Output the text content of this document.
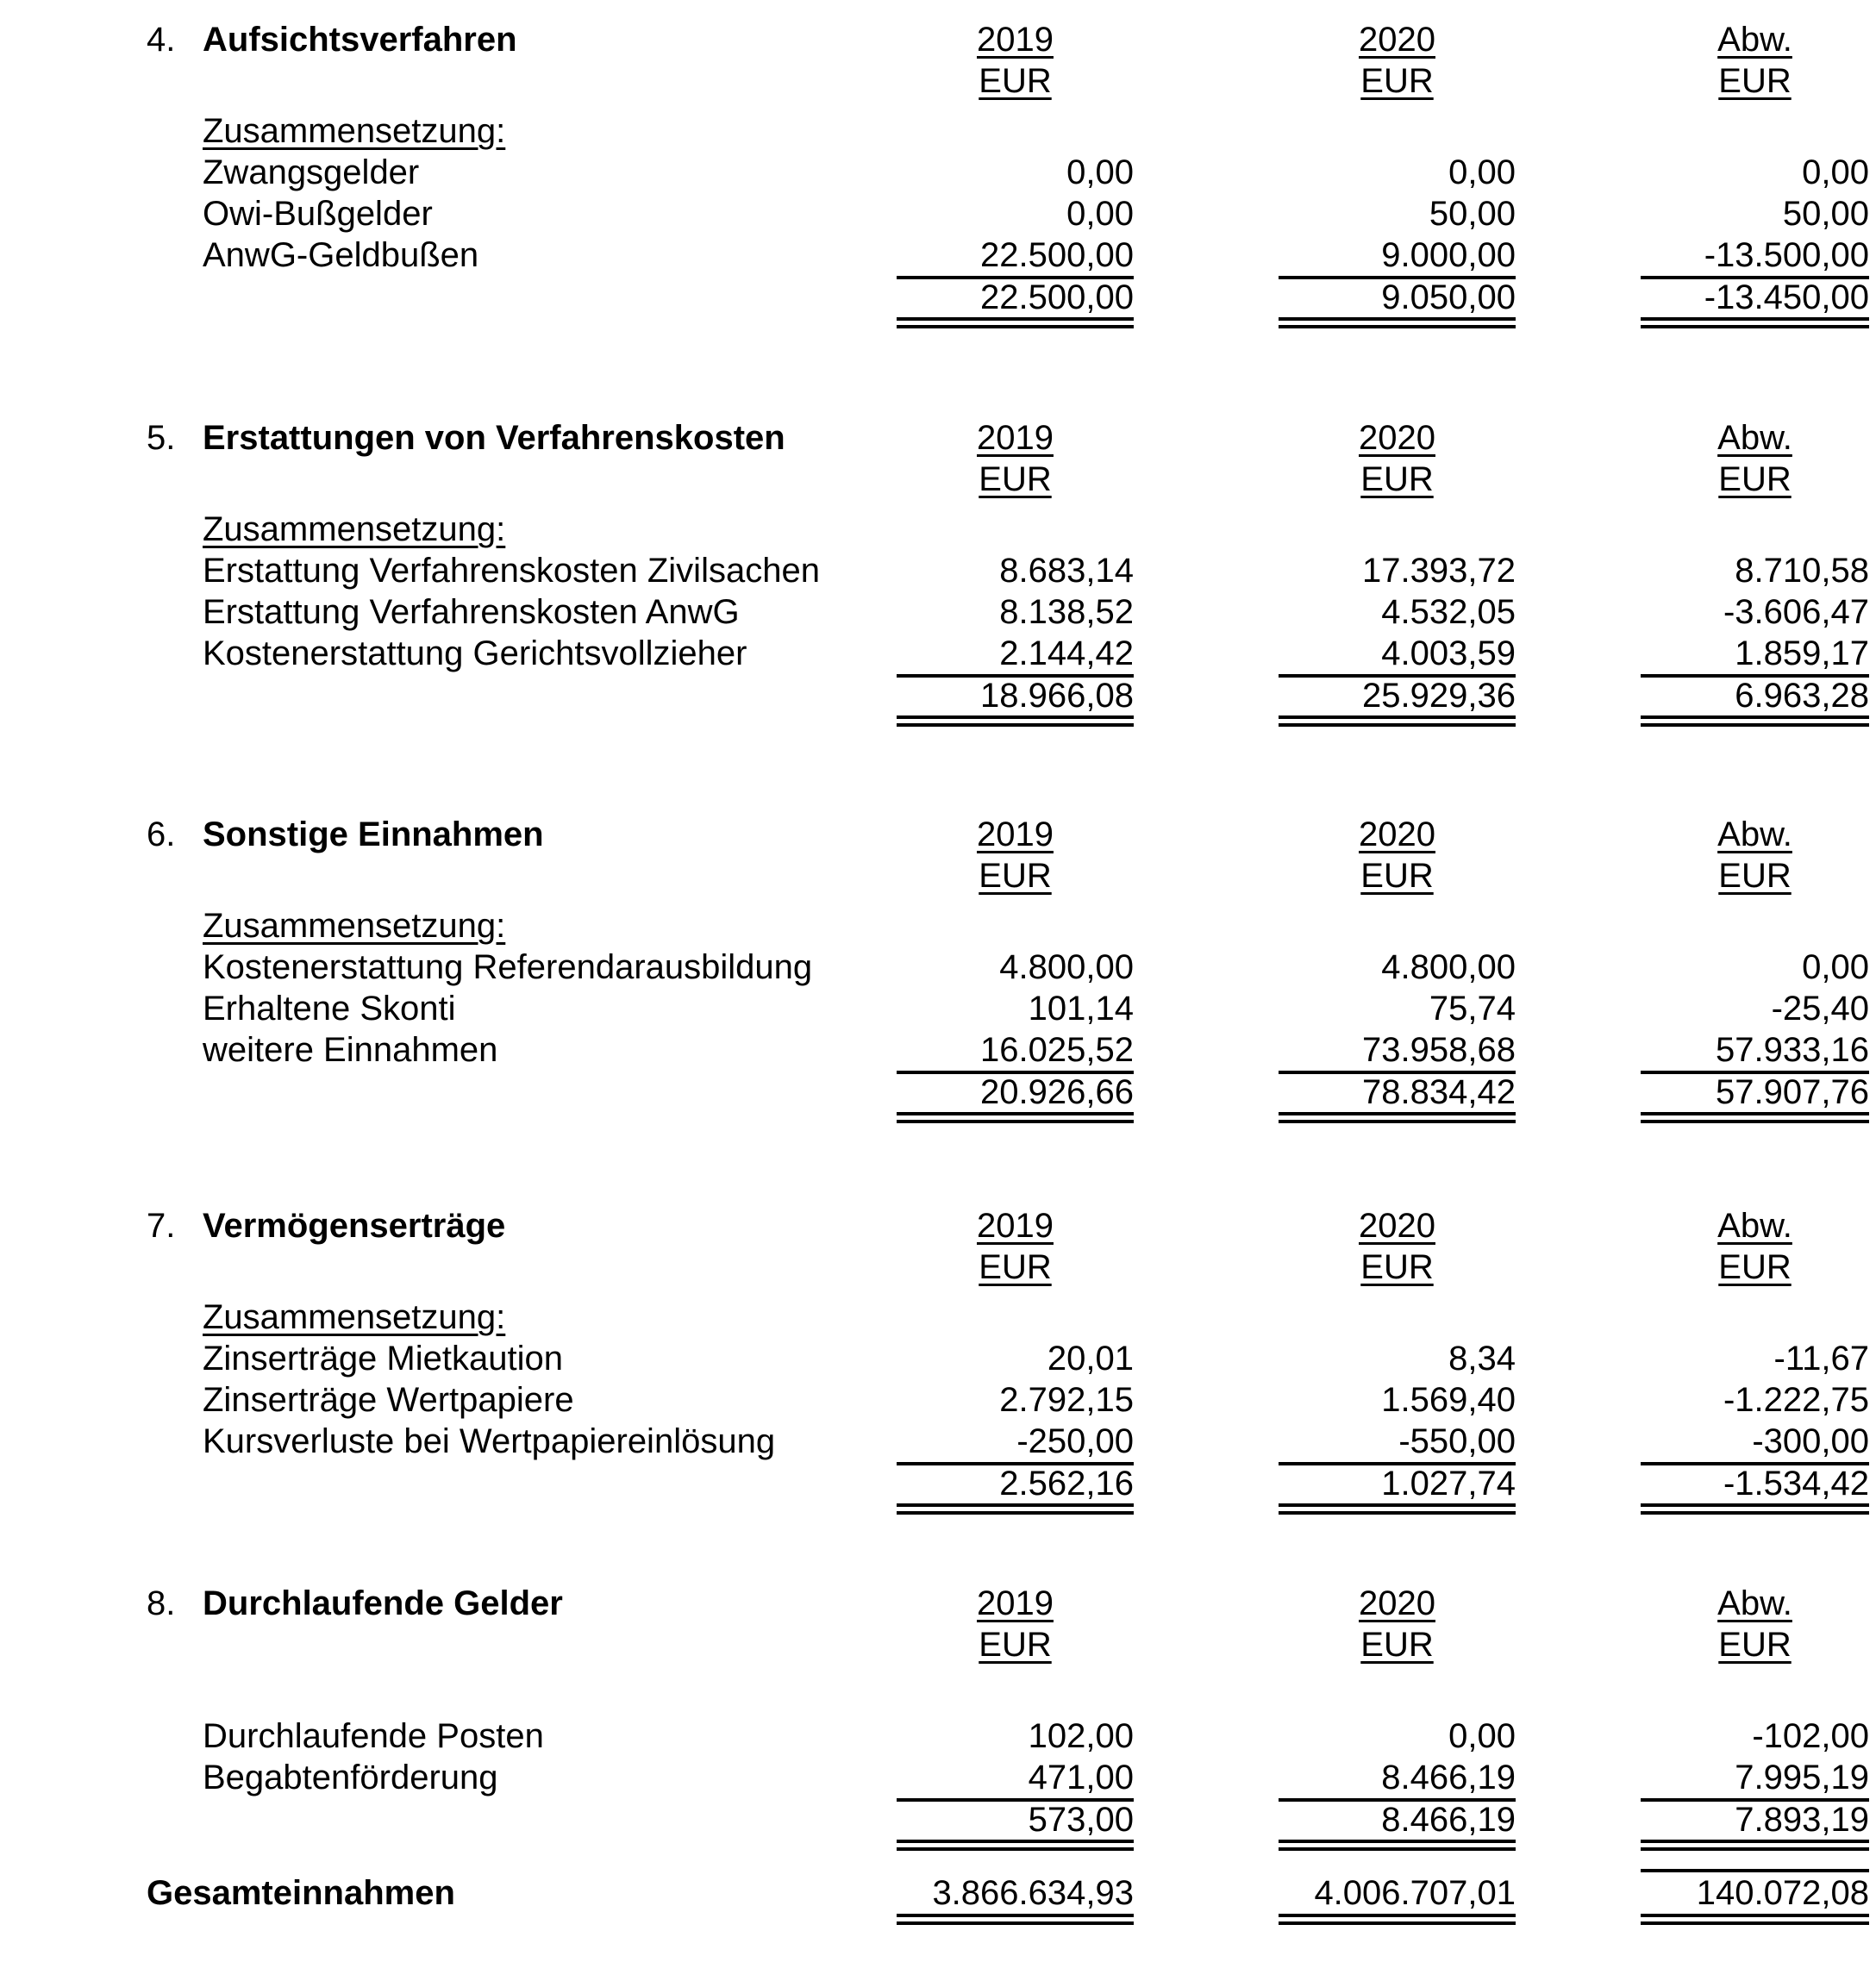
4. Aufsichtsverfahren	2019	2020	Abw.
EUR	EUR	EUR
Zusammensetzung:
Zwangsgelder	0,00	0,00	0,00
Owi-Bußgelder	0,00	50,00	50,00
AnwG-Geldbußen	22.500,00	9.000,00	-13.500,00
22.500,00	9.050,00	-13.450,00
5. Erstattungen von Verfahrenskosten	2019	2020	Abw.
EUR	EUR	EUR
Zusammensetzung:
Erstattung Verfahrenskosten Zivilsachen	8.683,14	17.393,72	8.710,58
Erstattung Verfahrenskosten AnwG	8.138,52	4.532,05	-3.606,47
Kostenerstattung Gerichtsvollzieher	2.144,42	4.003,59	1.859,17
18.966,08	25.929,36	6.963,28
6. Sonstige Einnahmen	2019	2020	Abw.
EUR	EUR	EUR
Zusammensetzung:
Kostenerstattung Referendarausbildung	4.800,00	4.800,00	0,00
Erhaltene Skonti	101,14	75,74	-25,40
weitere Einnahmen	16.025,52	73.958,68	57.933,16
20.926,66	78.834,42	57.907,76
7. Vermögenserträge	2019	2020	Abw.
EUR	EUR	EUR
Zusammensetzung:
Zinserträge Mietkaution	20,01	8,34	-11,67
Zinserträge Wertpapiere	2.792,15	1.569,40	-1.222,75
Kursverluste bei Wertpapiereinlösung	-250,00	-550,00	-300,00
2.562,16	1.027,74	-1.534,42
8. Durchlaufende Gelder	2019	2020	Abw.
EUR	EUR	EUR
Durchlaufende Posten	102,00	0,00	-102,00
Begabtenförderung	471,00	8.466,19	7.995,19
573,00	8.466,19	7.893,19
Gesamteinnahmen	3.866.634,93	4.006.707,01	140.072,08
